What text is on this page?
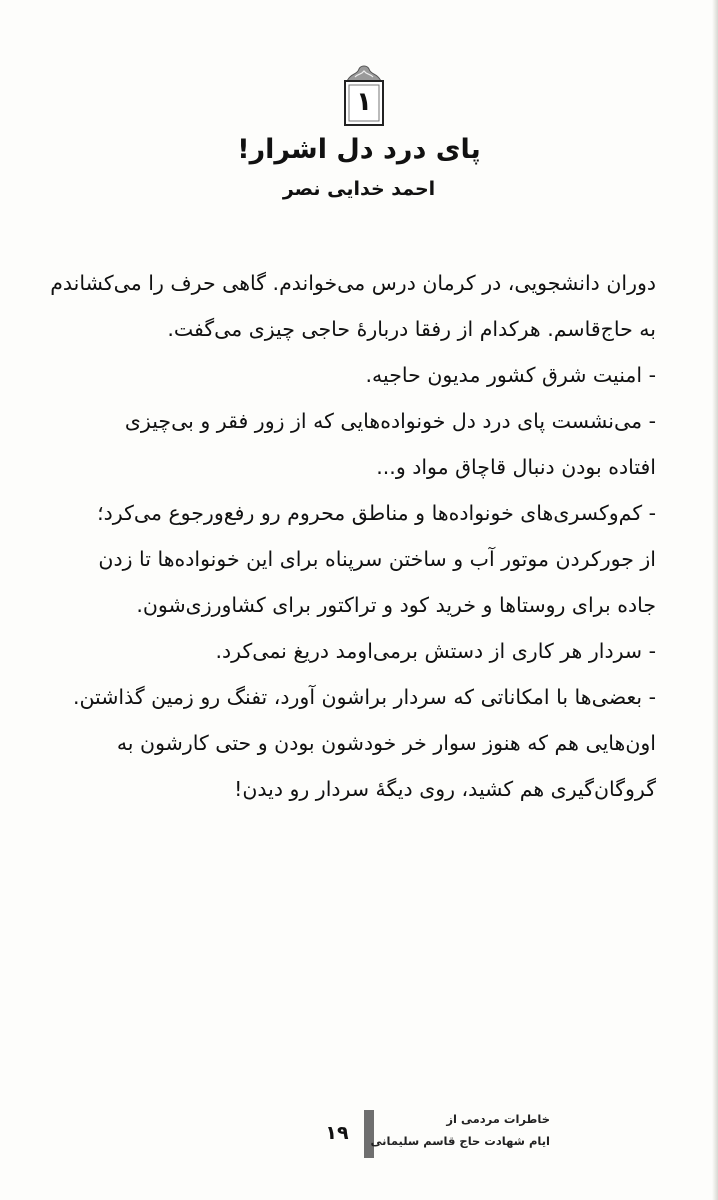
۱
پای درد دل اشرار!
احمد خدایی نصر
دوران دانشجویی، در کرمان درس می‌خواندم. گاهی حرف را می‌کشاندم
به حاج‌قاسم. هرکدام از رفقا دربارهٔ حاجی چیزی می‌گفت.
- امنیت شرق کشور مدیون حاجیه.
- می‌نشست پای درد دل خونواده‌هایی که از زور فقر و بی‌چیزی
افتاده بودن دنبال قاچاق مواد و...
- کم‌وکسری‌های خونواده‌ها و مناطق محروم رو رفع‌ورجوع می‌کرد؛
از جورکردن موتور آب و ساختن سرپناه برای این خونواده‌ها تا زدن
جاده برای روستاها و خرید کود و تراکتور برای کشاورزی‌شون.
- سردار هر کاری از دستش برمی‌اومد دریغ نمی‌کرد.
- بعضی‌ها با امکاناتی که سردار براشون آورد، تفنگ رو زمین گذاشتن.
اون‌هایی هم که هنوز سوار خر خودشون بودن و حتی کارشون به
گروگان‌گیری هم کشید، روی دیگهٔ سردار رو دیدن!
۱۹
خاطرات مردمی از
ایام شهادت حاج قاسم سلیمانی
